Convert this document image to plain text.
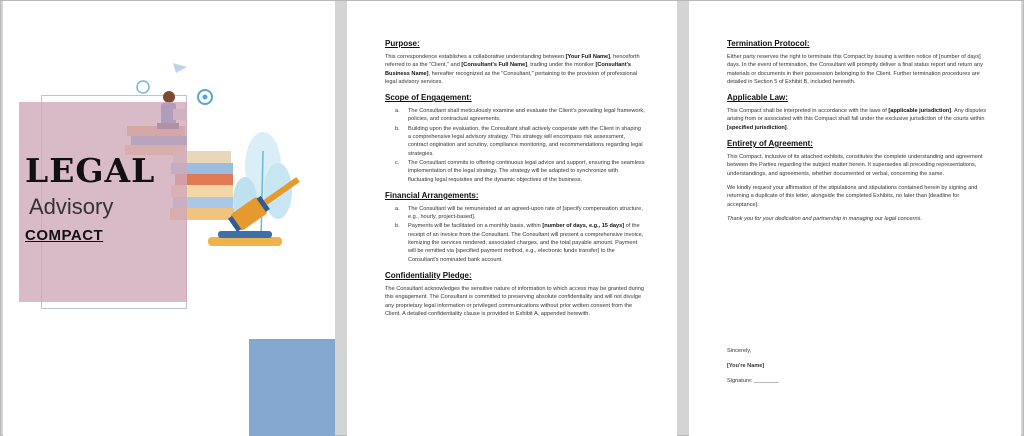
LEGAL
Advisory
COMPACT
Purpose:

This correspondence establishes a collaborative understanding between [Your Full Name], henceforth referred to as the "Client," and [Consultant's Full Name], trading under the moniker [Consultant's Business Name], hereafter recognized as the "Consultant," pertaining to the provision of professional legal advisory services.

Scope of Engagement:
a. The Consultant shall meticulously examine and evaluate the Client's prevailing legal framework, policies, and contractual agreements.
b. Building upon the evaluation, the Consultant shall actively cooperate with the Client in shaping a comprehensive legal advisory strategy. This strategy will encompass risk assessment, contract origination and scrutiny, compliance monitoring, and recommendations regarding legal strategies.
c. The Consultant commits to offering continuous legal advice and support, ensuring the seamless implementation of the legal strategy. The strategy will be adapted to synchronize with fluctuating legal requisites and the dynamic objectives of the business.
Financial Arrangements:
a. The Consultant will be remunerated at an agreed-upon rate of [specify compensation structure, e.g., hourly, project-based].
b. Payments will be facilitated on a monthly basis, within [number of days, e.g., 15 days] of the receipt of an invoice from the Consultant. The Consultant will present a comprehensive invoice, itemizing the services rendered, associated charges, and the total payable amount. Payment will be remitted via [specified payment method, e.g., electronic funds transfer] to the Consultant's nominated bank account.
Confidentiality Pledge:

The Consultant acknowledges the sensitive nature of information to which access may be granted during this engagement. The Consultant is committed to preserving absolute confidentiality and will not divulge any proprietary legal information or privileged communications without prior written consent from the Client. A detailed confidentiality clause is provided in Exhibit A, appended herewith.

Termination Protocol:

Either party reserves the right to terminate this Compact by issuing a written notice of [number of days] days. In the event of termination, the Consultant will promptly deliver a final status report and return any materials or documents in their possession belonging to the Client. Further termination procedures are detailed in Section 5 of Exhibit B, included herewith.

Applicable Law:

This Compact shall be interpreted in accordance with the laws of [applicable jurisdiction]. Any disputes arising from or associated with this Compact shall fall under the exclusive jurisdiction of the courts within [specified jurisdiction].

Entirety of Agreement:

This Compact, inclusive of its attached exhibits, constitutes the complete understanding and agreement between the Parties regarding the subject matter herein. It supersedes all preceding representations, understandings, and agreements, whether documented or verbal, concerning the same.

We kindly request your affirmation of the stipulations and stipulations contained herein by signing and returning a duplicate of this letter, alongside the completed Exhibits, no later than [deadline for acceptance].

Thank you for your dedication and partnership in managing our legal concerns.

Sincerely,
[You're Name]
Signature: ________
